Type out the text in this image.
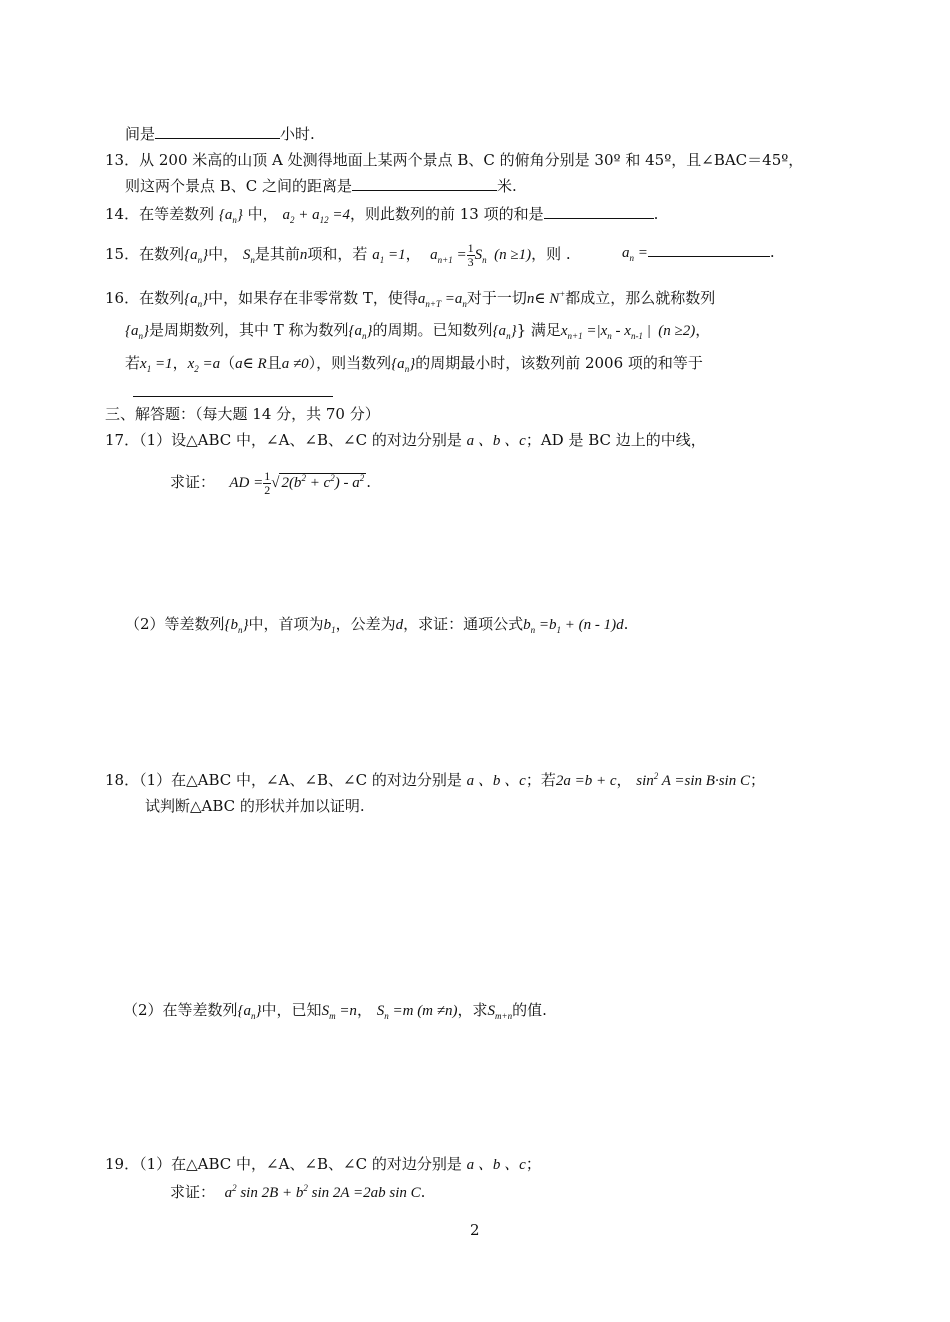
间是	小时.
13．从 200 米高的山顶 A 处测得地面上某两个景点 B、C 的俯角分别是 30º 和 45º，且∠BAC＝45º，
则这两个景点 B、C 之间的距离是	米.
14．在等差数列 $\{a_n\}$ 中， $a_2 + a_{12} =4$，则此数列的前 13 项的和是	.
15．在数列$\{a_n\}$中， $S_n$是其前n项和，若 $a_1 =1$， $a_{n+1} = \frac{1}{3} S_n$  (n ≥1)，则 .	$a_n$ =	.
16．在数列$\{a_n\}$中，如果存在非零常数 T，使得$a_{n+T} =a_n$对于一切n∈ N+都成立，那么就称数列
$\{a_n\}$是周期数列，其中 T 称为数列$\{a_n\}$的周期。已知数列$\{a_n\}$} 满足$x_{n+1} =|x_n - x_{n-1}$ |  (n ≥2)，
若$x_1 =1$，$x_2$ =a（a∈ R且a ≠0），则当数列$\{a_n\}$的周期最小时，该数列前 2006 项的和等于
三、解答题：（每大题 14 分，共 70 分）
17．（1）设△ABC 中，∠A、∠B、∠C 的对边分别是 a 、b 、c；AD 是 BC 边上的中线，
求证： AD = $\frac{1}{2}$ √ $2(b^2 + c^2) - a^2$ .
（2）等差数列$\{b_n\}$中，首项为$b_1$，公差为d，求证：通项公式$b_n =b_1 + (n - 1)d$.
18．（1）在△ABC 中，∠A、∠B、∠C 的对边分别是 a 、b 、c；若2a =b + c， $\sin^2 A =\sin$ B·sin C；
试判断△ABC 的形状并加以证明.
（2）在等差数列$\{a_n\}$中，已知$S_m =n$， $S_n =m$ (m ≠n)，求$S_{m+n}$的值.
19．（1）在△ABC 中，∠A、∠B、∠C 的对边分别是 a 、b 、c；
求证： $a^2$ $\sin 2B + b^2$ sin 2A =2ab sin C.
2
